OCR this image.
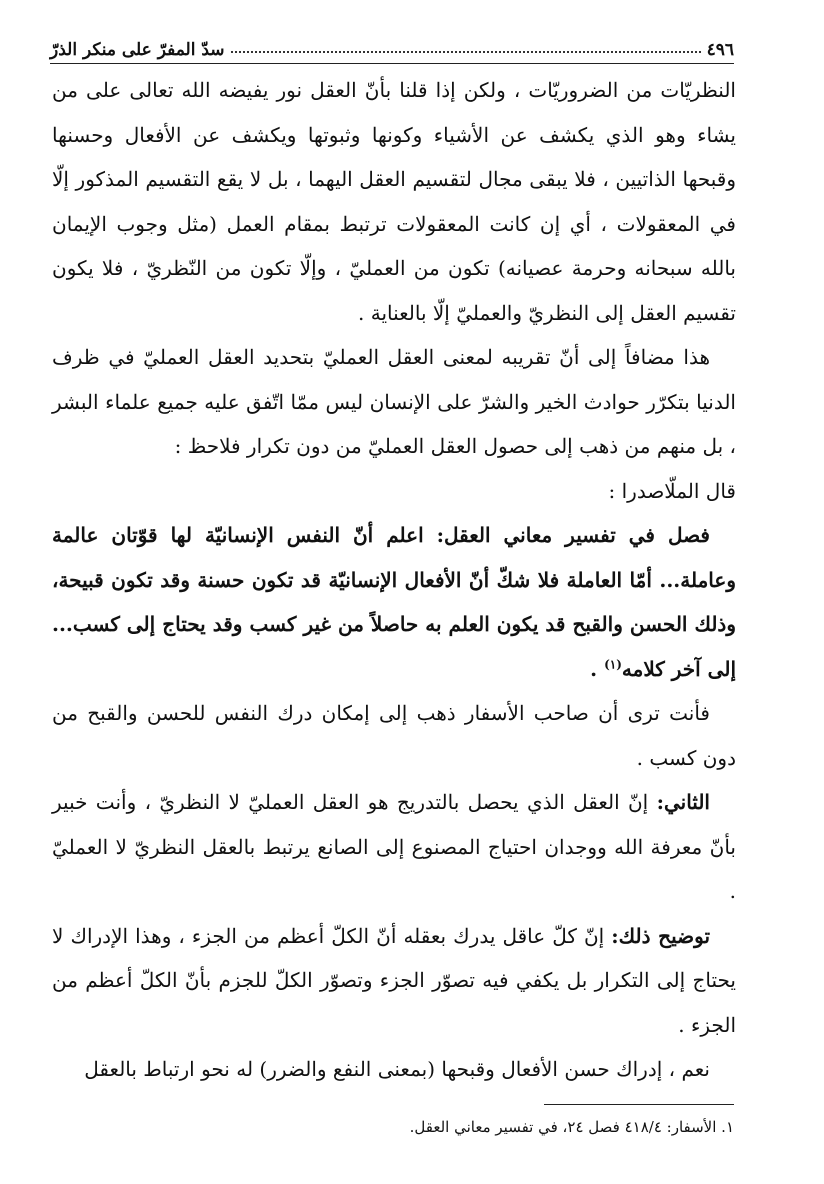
٤٩٦
سدّ المفرّ على منكر الذرّ

النظريّات من الضروريّات ، ولكن إذا قلنا بأنّ العقل نور يفيضه الله تعالى على من يشاء وهو الذي يكشف عن الأشياء وكونها وثبوتها ويكشف عن الأفعال وحسنها وقبحها الذاتيين ، فلا يبقى مجال لتقسيم العقل اليهما ، بل لا يقع التقسيم المذكور إلّا في المعقولات ، أي إن كانت المعقولات ترتبط بمقام العمل (مثل وجوب الإيمان بالله سبحانه وحرمة عصيانه) تكون من العمليّ ، وإلّا تكون من النّظريّ ، فلا يكون تقسيم العقل إلى النظريّ والعمليّ إلّا بالعناية .

هذا مضافاً إلى أنّ تقريبه لمعنى العقل العمليّ بتحديد العقل العمليّ في ظرف الدنيا بتكرّر حوادث الخير والشرّ على الإنسان ليس ممّا اتّفق عليه جميع علماء البشر ، بل منهم من ذهب إلى حصول العقل العمليّ من دون تكرار فلاحظ :

قال الملّاصدرا :

فصل في تفسير معاني العقل: اعلم أنّ النفس الإنسانيّة لها قوّتان عالمة وعاملة... أمّا العاملة فلا شكّ أنّ الأفعال الإنسانيّة قد تكون حسنة وقد تكون قبيحة، وذلك الحسن والقبح قد يكون العلم به حاصلاً من غير كسب وقد يحتاج إلى كسب... إلى آخر كلامه$^{(١)}$ .

فأنت ترى أن صاحب الأسفار ذهب إلى إمكان درك النفس للحسن والقبح من دون كسب .

الثاني: إنّ العقل الذي يحصل بالتدريج هو العقل العمليّ لا النظريّ ، وأنت خبير بأنّ معرفة الله ووجدان احتياج المصنوع إلى الصانع يرتبط بالعقل النظريّ لا العمليّ .

توضيح ذلك: إنّ كلّ عاقل يدرك بعقله أنّ الكلّ أعظم من الجزء ، وهذا الإدراك لا يحتاج إلى التكرار بل يكفي فيه تصوّر الجزء وتصوّر الكلّ للجزم بأنّ الكلّ أعظم من الجزء .

نعم ، إدراك حسن الأفعال وقبحها (بمعنى النفع والضرر) له نحو ارتباط بالعقل

١. الأسفار: ٤١٨/٤ فصل ٢٤، في تفسير معاني العقل.
